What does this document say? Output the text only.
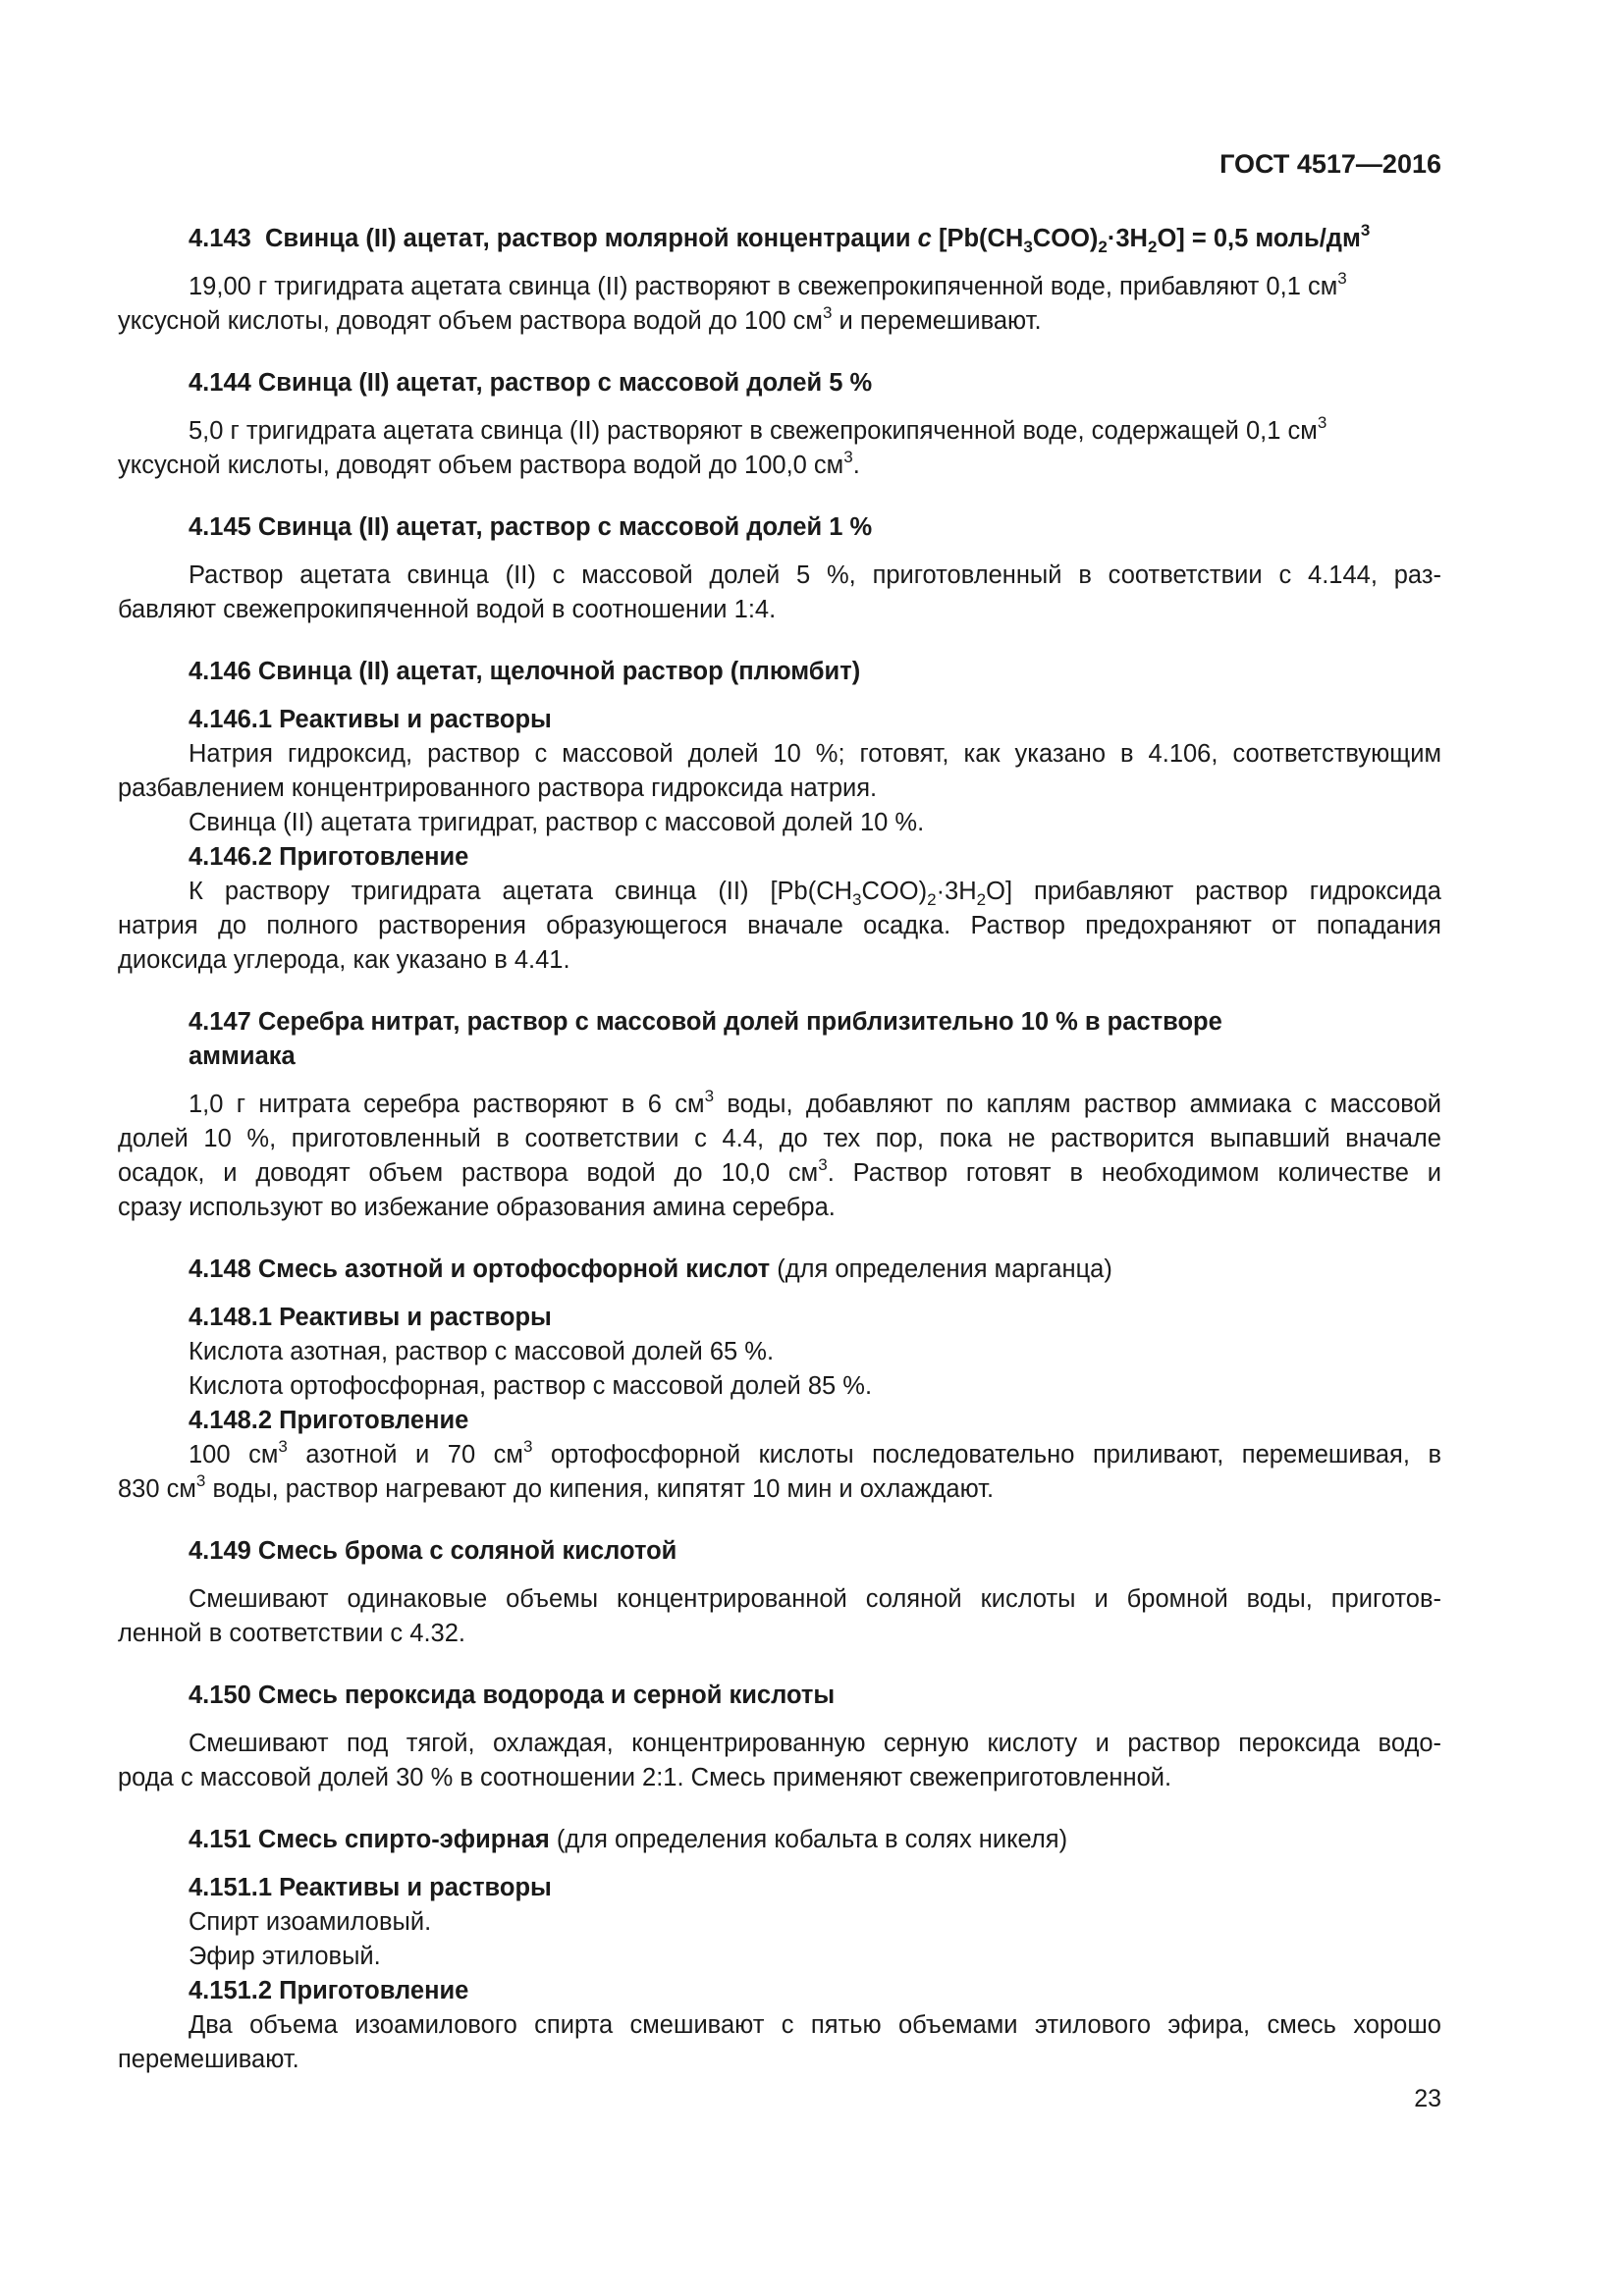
ГОСТ 4517—2016
4.143 Свинца (II) ацетат, раствор молярной концентрации c $[Pb(CH_3COO)_2\cdot 3H_2O] = 0,5$ моль/$дм^3$
19,00 г тригидрата ацетата свинца (II) растворяют в свежепрокипяченной воде, прибавляют 0,1 $см^3$
уксусной кислоты, доводят объем раствора водой до 100 $см^3$ и перемешивают.
4.144 Свинца (II) ацетат, раствор с массовой долей 5 %
5,0 г тригидрата ацетата свинца (II) растворяют в свежепрокипяченной воде, содержащей 0,1 $см^3$
уксусной кислоты, доводят объем раствора водой до 100,0 $см^3$.
4.145 Свинца (II) ацетат, раствор с массовой долей 1 %
Раствор ацетата свинца (II) с массовой долей 5 %, приготовленный в соответствии с 4.144, раз-
бавляют свежепрокипяченной водой в соотношении 1:4.
4.146 Свинца (II) ацетат, щелочной раствор (плюмбит)
4.146.1 Реактивы и растворы
Натрия гидроксид, раствор с массовой долей 10 %; готовят, как указано в 4.106, соответствующим
разбавлением концентрированного раствора гидроксида натрия.
Свинца (II) ацетата тригидрат, раствор с массовой долей 10 %.
4.146.2 Приготовление
К раствору тригидрата ацетата свинца (II) $[Pb(CH_3COO)_2\cdot 3H_2O]$ прибавляют раствор гидроксида
натрия до полного растворения образующегося вначале осадка. Раствор предохраняют от попадания
диоксида углерода, как указано в 4.41.
4.147 Серебра нитрат, раствор с массовой долей приблизительно 10 % в растворе
аммиака
1,0 г нитрата серебра растворяют в 6 $см^3$ воды, добавляют по каплям раствор аммиака с массовой
долей 10 %, приготовленный в соответствии с 4.4, до тех пор, пока не растворится выпавший вначале
осадок, и доводят объем раствора водой до 10,0 $см^3$. Раствор готовят в необходимом количестве и
сразу используют во избежание образования амина серебра.
4.148 Смесь азотной и ортофосфорной кислот (для определения марганца)
4.148.1 Реактивы и растворы
Кислота азотная, раствор с массовой долей 65 %.
Кислота ортофосфорная, раствор с массовой долей 85 %.
4.148.2 Приготовление
100 $см^3$ азотной и 70 $см^3$ ортофосфорной кислоты последовательно приливают, перемешивая, в
830 $см^3$ воды, раствор нагревают до кипения, кипятят 10 мин и охлаждают.
4.149 Смесь брома с соляной кислотой
Смешивают одинаковые объемы концентрированной соляной кислоты и бромной воды, приготов-
ленной в соответствии с 4.32.
4.150 Смесь пероксида водорода и серной кислоты
Смешивают под тягой, охлаждая, концентрированную серную кислоту и раствор пероксида водо-
рода с массовой долей 30 % в соотношении 2:1. Смесь применяют свежеприготовленной.
4.151 Смесь спирто-эфирная (для определения кобальта в солях никеля)
4.151.1 Реактивы и растворы
Спирт изоамиловый.
Эфир этиловый.
4.151.2 Приготовление
Два объема изоамилового спирта смешивают с пятью объемами этилового эфира, смесь хорошо
перемешивают.
23
